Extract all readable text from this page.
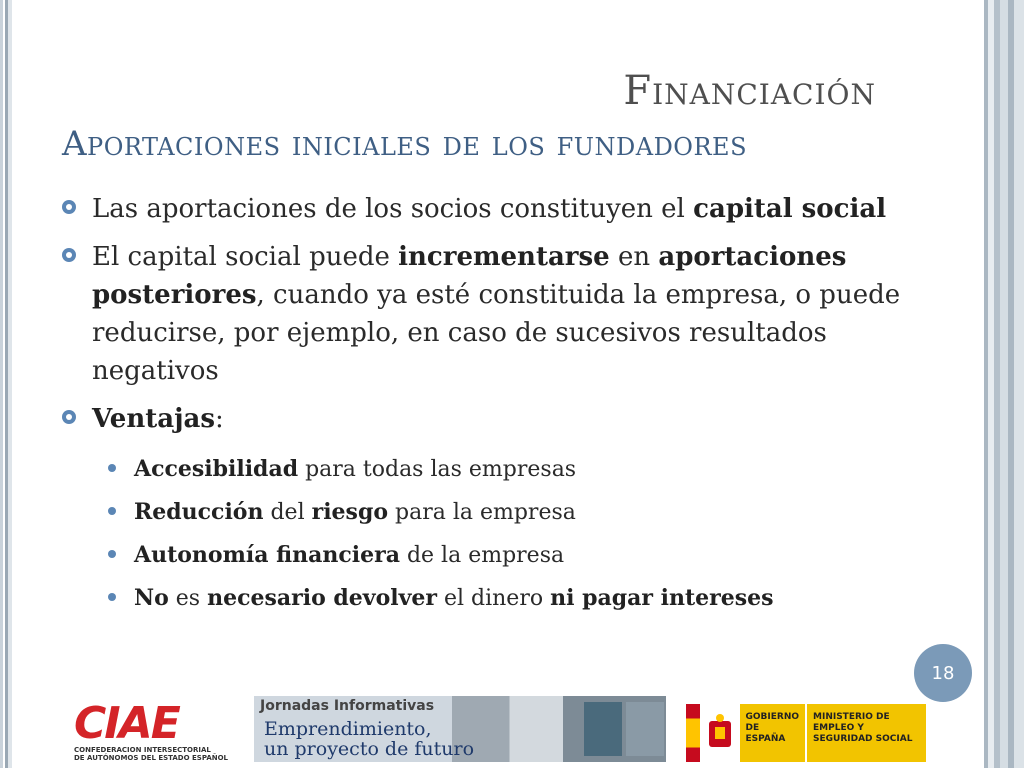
Financiación
Aportaciones iniciales de los fundadores
Las aportaciones de los socios constituyen el capital social
El capital social puede incrementarse en aportaciones posteriores, cuando ya esté constituida la empresa, o puede reducirse, por ejemplo, en caso de sucesivos resultados negativos
Ventajas:
Accesibilidad para todas las empresas
Reducción del riesgo para la empresa
Autonomía financiera de la empresa
No es necesario devolver el dinero ni pagar intereses
18
CIAE
CONFEDERACION INTERSECTORIAL
DE AUTÓNOMOS DEL ESTADO ESPAÑOL
Jornadas Informativas
Emprendimiento,
un proyecto de futuro
GOBIERNO DE ESPAÑA
MINISTERIO DE EMPLEO Y SEGURIDAD SOCIAL
